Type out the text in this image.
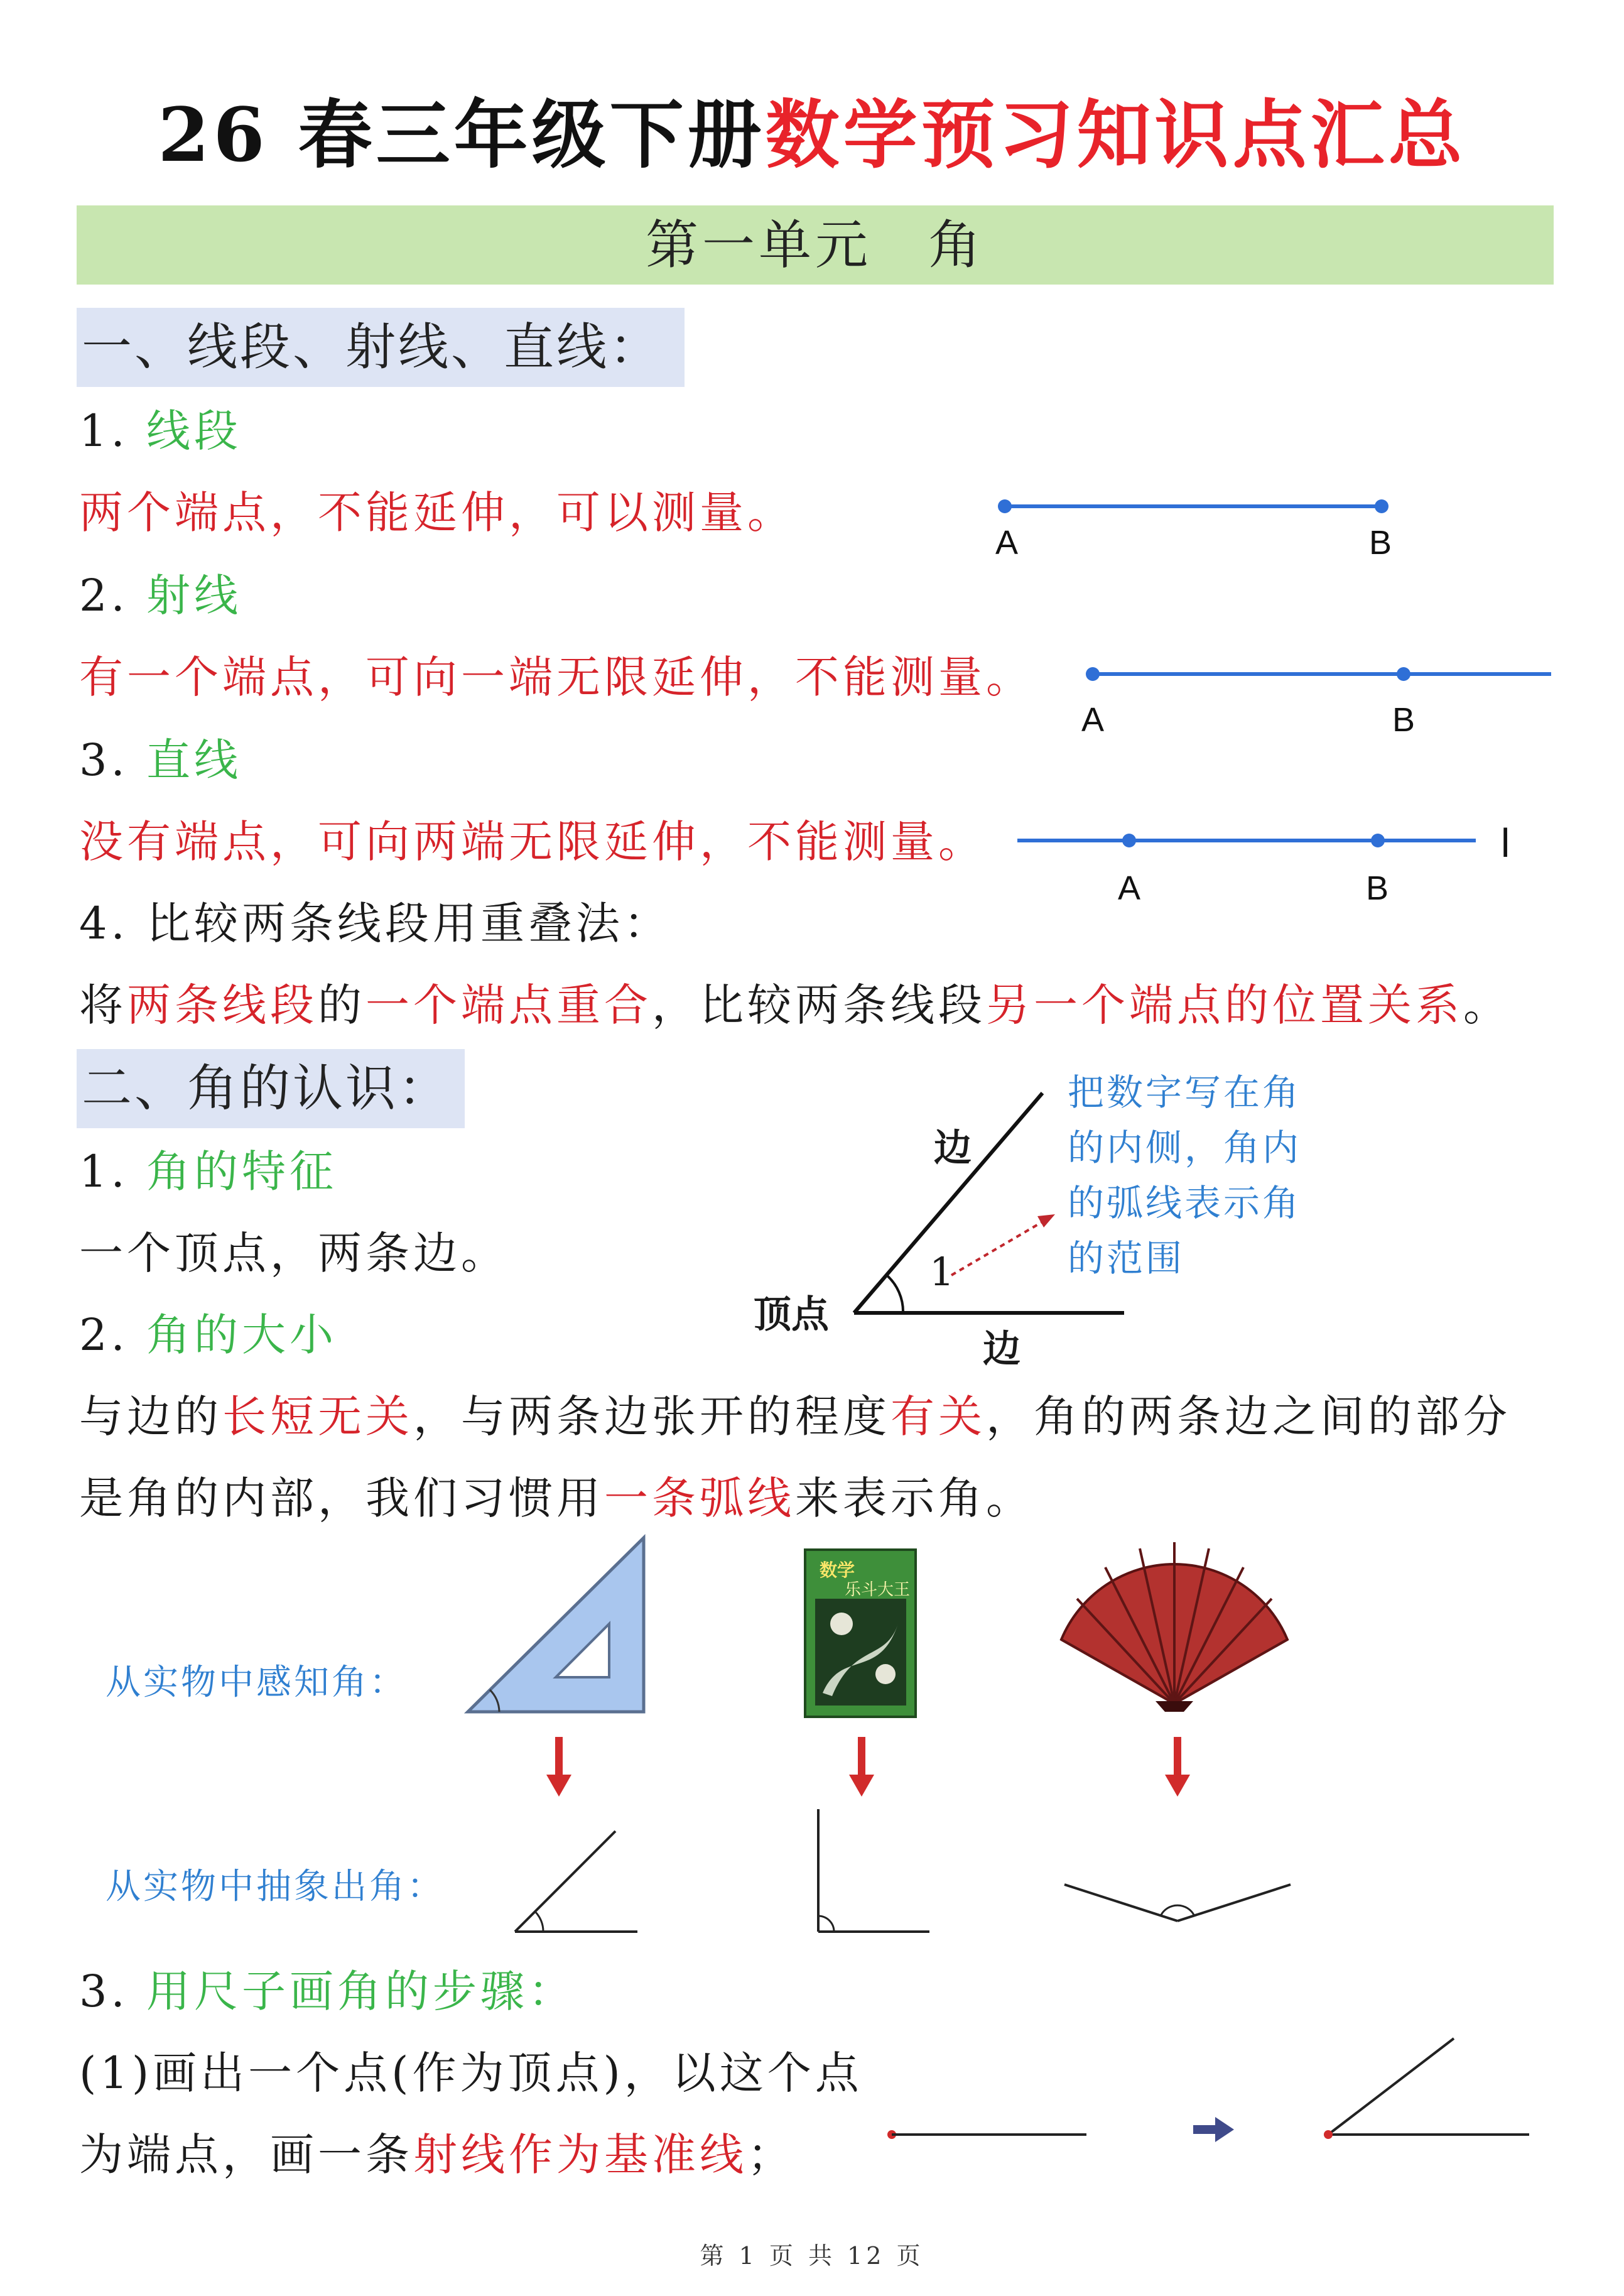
26 春三年级下册数学预习知识点汇总
第一单元　角
一、线段、射线、直线：
1. 线段
两个端点，不能延伸，可以测量。
A	B
2. 射线
有一个端点，可向一端无限延伸，不能测量。
A	B
3. 直线
没有端点，可向两端无限延伸，不能测量。
A	B
l
4. 比较两条线段用重叠法：
将两条线段的一个端点重合，比较两条线段另一个端点的位置关系。
二、角的认识：
1. 角的特征
一个顶点，两条边。	1
边
边
顶点
把数字写在角
的内侧，角内
的弧线表示角
的范围
2. 角的大小
与边的长短无关，与两条边张开的程度有关，角的两条边之间的部分
是角的内部，我们习惯用一条弧线来表示角。
从实物中感知角：
数学
乐斗大王
从实物中抽象出角：
3. 用尺子画角的步骤：
(1)画出一个点(作为顶点)，以这个点
为端点，画一条射线作为基准线；
第 1 页 共 12 页
